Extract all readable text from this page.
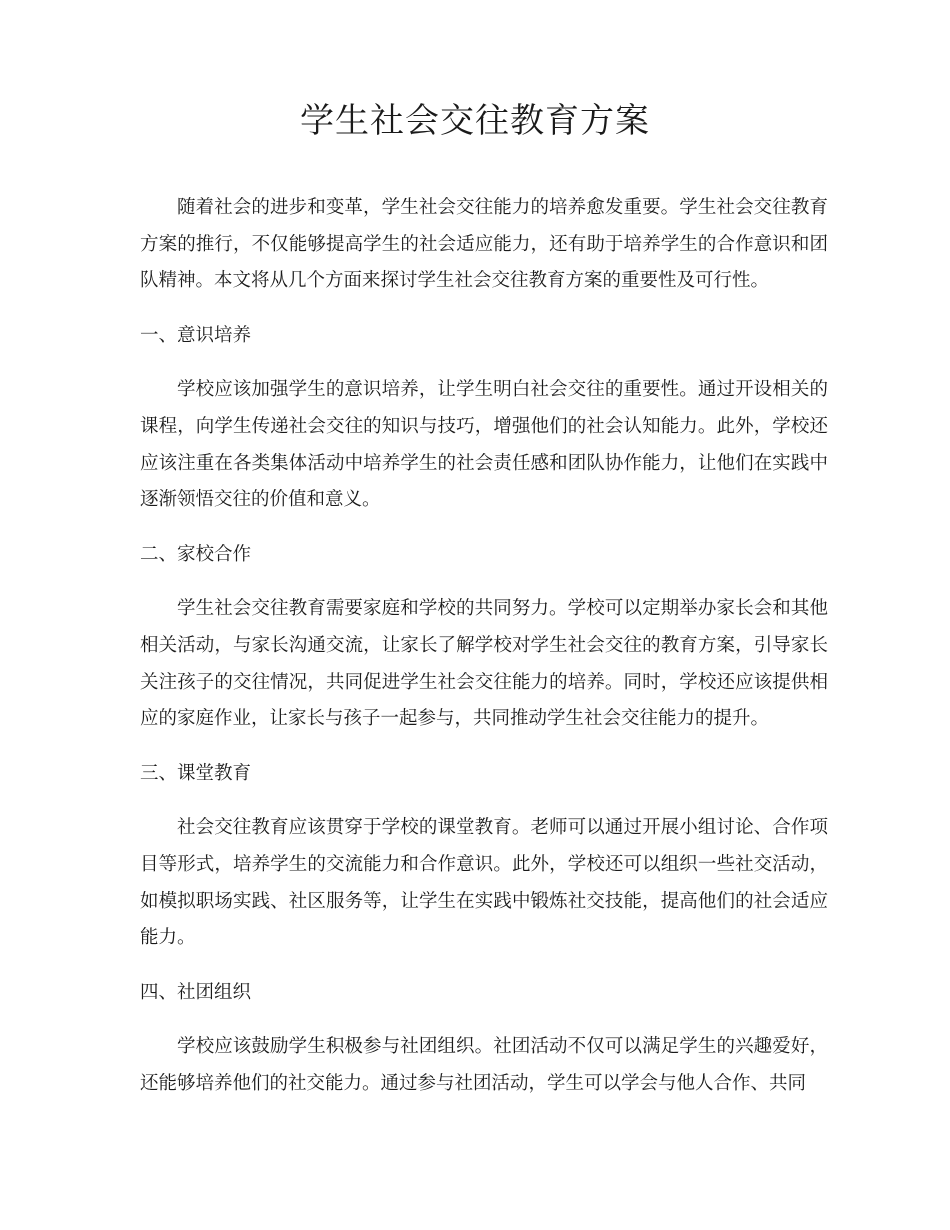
学生社会交往教育方案

随着社会的进步和变革，学生社会交往能力的培养愈发重要。学生社会交往教育方案的推行，不仅能够提高学生的社会适应能力，还有助于培养学生的合作意识和团队精神。本文将从几个方面来探讨学生社会交往教育方案的重要性及可行性。

一、意识培养

学校应该加强学生的意识培养，让学生明白社会交往的重要性。通过开设相关的课程，向学生传递社会交往的知识与技巧，增强他们的社会认知能力。此外，学校还应该注重在各类集体活动中培养学生的社会责任感和团队协作能力，让他们在实践中逐渐领悟交往的价值和意义。

二、家校合作

学生社会交往教育需要家庭和学校的共同努力。学校可以定期举办家长会和其他相关活动，与家长沟通交流，让家长了解学校对学生社会交往的教育方案，引导家长关注孩子的交往情况，共同促进学生社会交往能力的培养。同时，学校还应该提供相应的家庭作业，让家长与孩子一起参与，共同推动学生社会交往能力的提升。

三、课堂教育

社会交往教育应该贯穿于学校的课堂教育。老师可以通过开展小组讨论、合作项目等形式，培养学生的交流能力和合作意识。此外，学校还可以组织一些社交活动，如模拟职场实践、社区服务等，让学生在实践中锻炼社交技能，提高他们的社会适应能力。

四、社团组织

学校应该鼓励学生积极参与社团组织。社团活动不仅可以满足学生的兴趣爱好，还能够培养他们的社交能力。通过参与社团活动，学生可以学会与他人合作、共同
